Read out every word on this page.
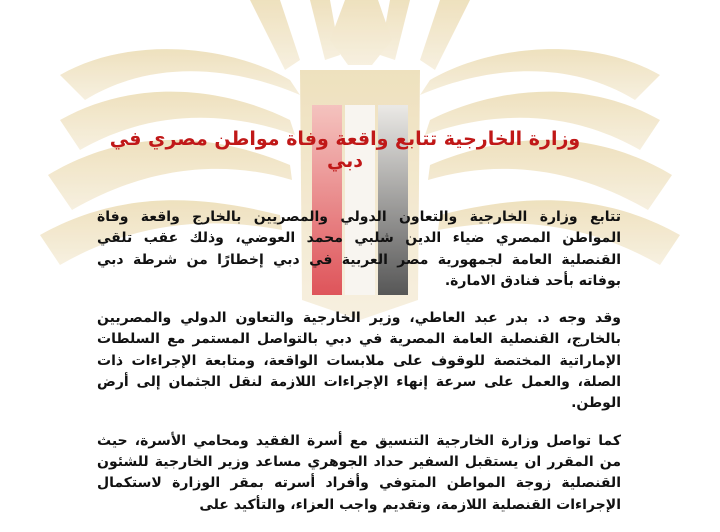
وزارة الخارجية تتابع واقعة وفاة مواطن مصري في دبي

تتابع وزارة الخارجية والتعاون الدولي والمصريين بالخارج واقعة وفاة المواطن المصري ضياء الدين شلبي محمد العوضي، وذلك عقب تلقي القنصلية العامة لجمهورية مصر العربية في دبي إخطارًا من شرطة دبي بوفاته بأحد فنادق الامارة.

وقد وجه د. بدر عبد العاطي، وزير الخارجية والتعاون الدولي والمصريين بالخارج، القنصلية العامة المصرية في دبي بالتواصل المستمر مع السلطات الإماراتية المختصة للوقوف على ملابسات الواقعة، ومتابعة الإجراءات ذات الصلة، والعمل على سرعة إنهاء الإجراءات اللازمة لنقل الجثمان إلى أرض الوطن.

كما تواصل وزارة الخارجية التنسيق مع أسرة الفقيد ومحامي الأسرة، حيث من المقرر ان يستقبل السفير حداد الجوهري مساعد وزير الخارجية للشئون القنصلية زوجة المواطن المتوفي وأفراد أسرته بمقر الوزارة لاستكمال الإجراءات القنصلية اللازمة، وتقديم واجب العزاء، والتأكيد على
